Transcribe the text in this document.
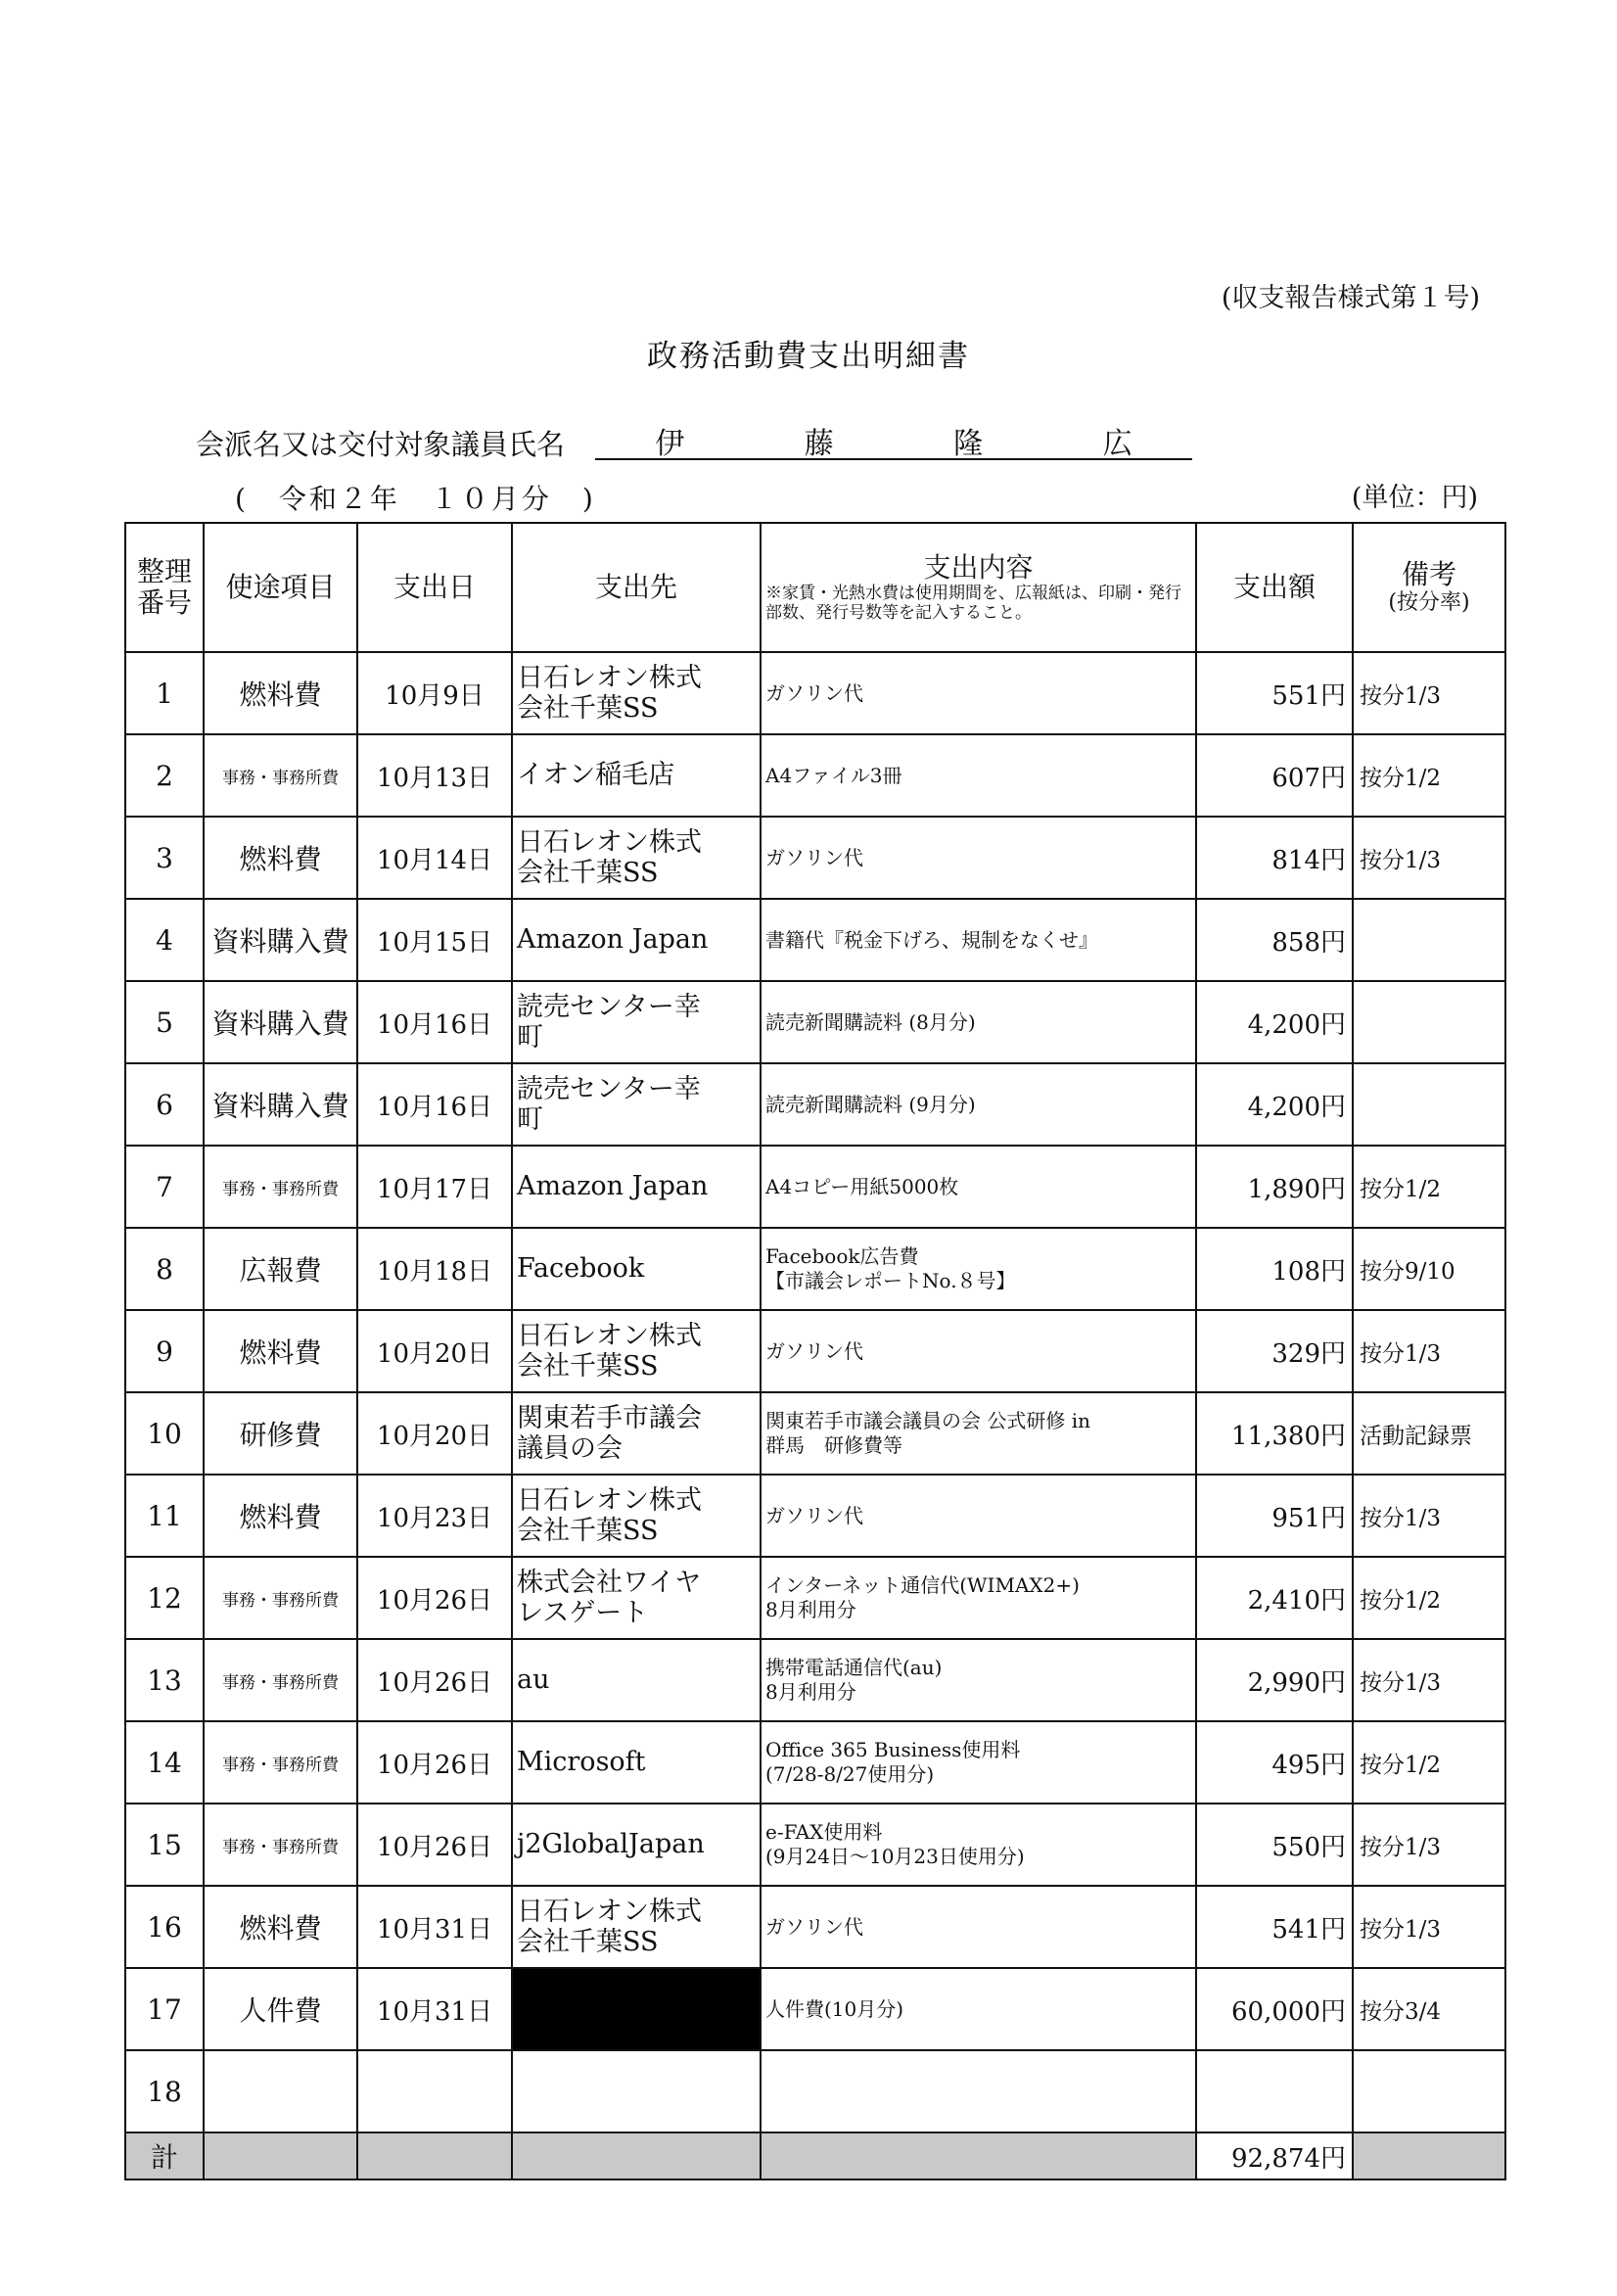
(収支報告様式第１号)
政務活動費支出明細書
会派名又は交付対象議員氏名	伊	藤	隆	広
(　令和２年　１０月分　)	(単位：円)
整理
番号	使途項目	支出日	支出先	支出内容
※家賃・光熱水費は使用期間を、広報紙は、印刷・発行部数、発行号数等を記入すること。	支出額	備考
(按分率)

1	燃料費	10月9日	日石レオン株式
会社千葉SS	ガソリン代	551円	按分1/3
2	事務・事務所費	10月13日	イオン稲毛店	A4ファイル3冊	607円	按分1/2
3	燃料費	10月14日	日石レオン株式
会社千葉SS	ガソリン代	814円	按分1/3
4	資料購入費	10月15日	Amazon Japan	書籍代『税金下げろ、規制をなくせ』	858円	
5	資料購入費	10月16日	読売センター幸
町	読売新聞購読料 (8月分)	4,200円	
6	資料購入費	10月16日	読売センター幸
町	読売新聞購読料 (9月分)	4,200円	
7	事務・事務所費	10月17日	Amazon Japan	A4コピー用紙5000枚	1,890円	按分1/2
8	広報費	10月18日	Facebook	Facebook広告費
【市議会レポートNo.８号】	108円	按分9/10
9	燃料費	10月20日	日石レオン株式
会社千葉SS	ガソリン代	329円	按分1/3
10	研修費	10月20日	関東若手市議会
議員の会	関東若手市議会議員の会 公式研修 in
群馬　研修費等	11,380円	活動記録票
11	燃料費	10月23日	日石レオン株式
会社千葉SS	ガソリン代	951円	按分1/3
12	事務・事務所費	10月26日	株式会社ワイヤ
レスゲート	インターネット通信代(WIMAX2+)
8月利用分	2,410円	按分1/2
13	事務・事務所費	10月26日	au	携帯電話通信代(au)
8月利用分	2,990円	按分1/3
14	事務・事務所費	10月26日	Microsoft	Office 365 Business使用料
(7/28-8/27使用分)	495円	按分1/2
15	事務・事務所費	10月26日	j2GlobalJapan	e-FAX使用料
(9月24日～10月23日使用分)	550円	按分1/3
16	燃料費	10月31日	日石レオン株式
会社千葉SS	ガソリン代	541円	按分1/3
17	人件費	10月31日		人件費(10月分)	60,000円	按分3/4
18						
計					92,874円	
